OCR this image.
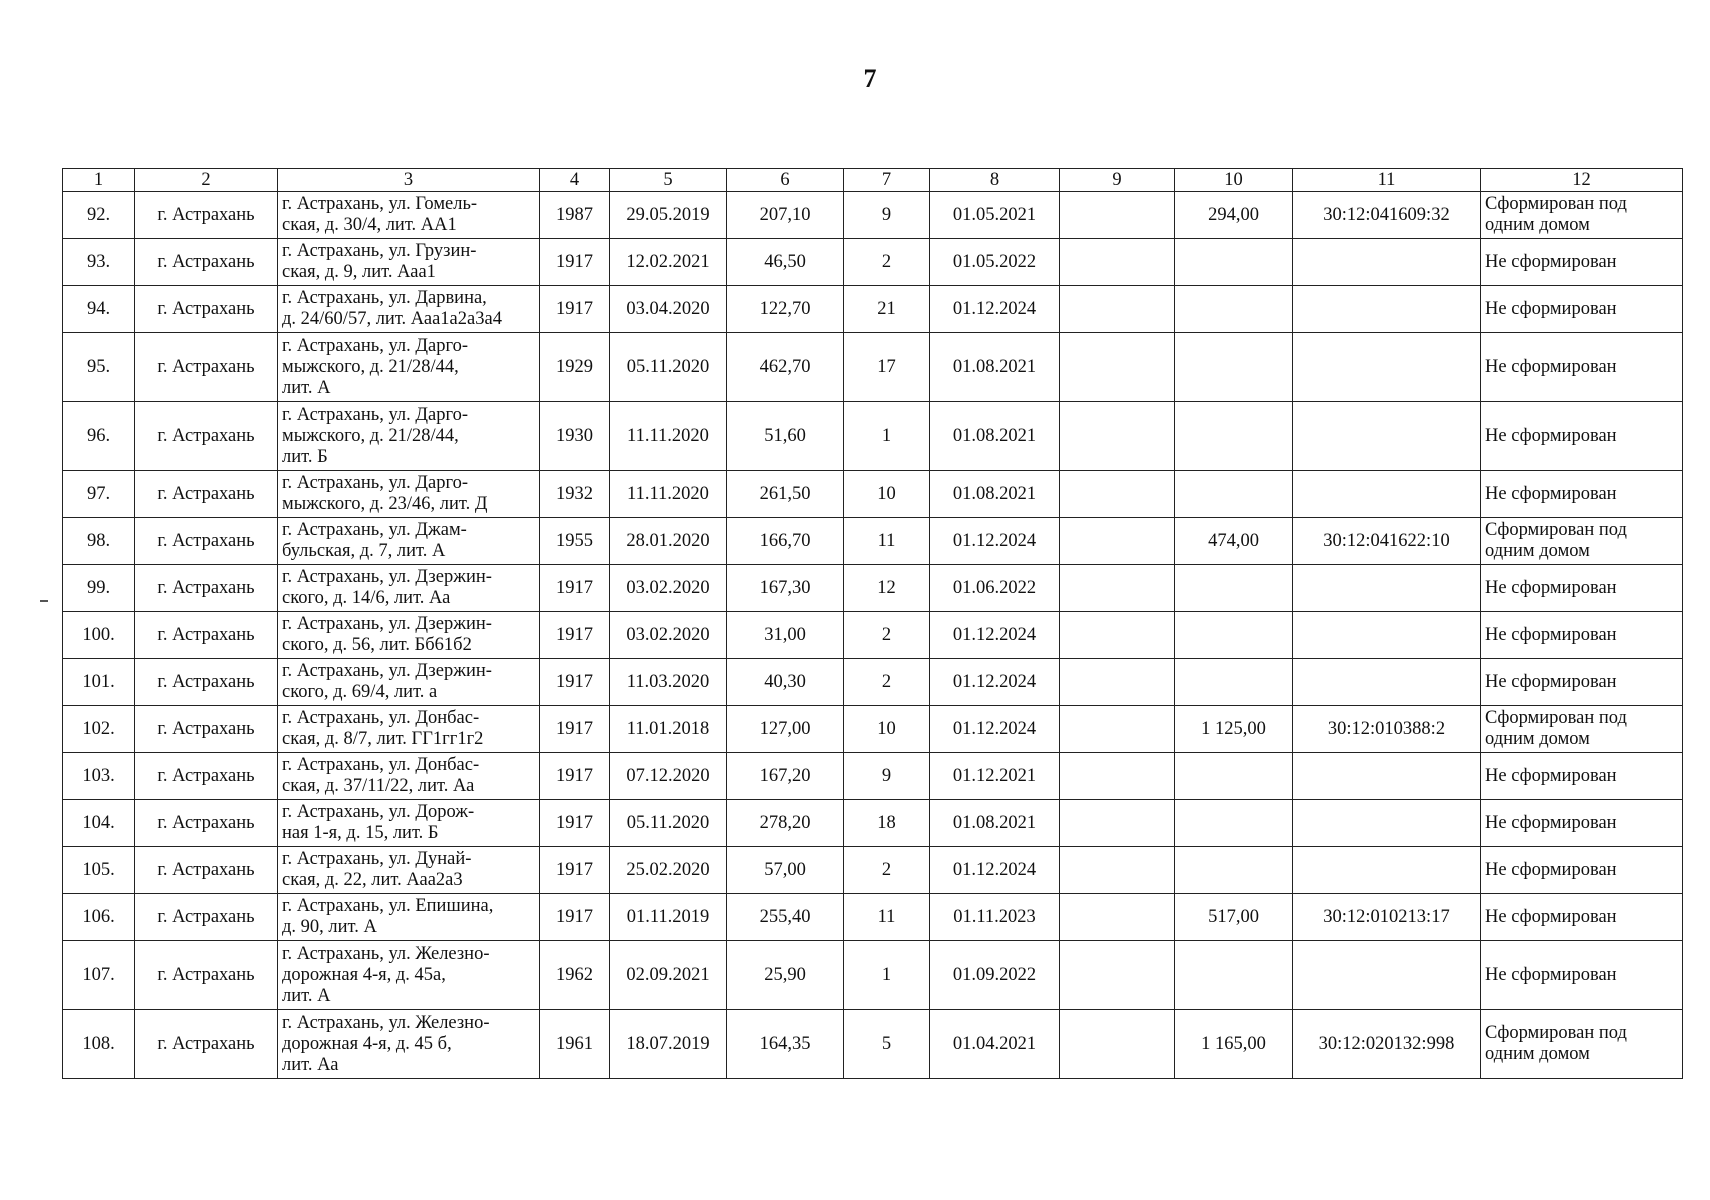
7
1	2	3	4	5	6	7	8	9	10	11	12
92.	г. Астрахань	г. Астрахань, ул. Гомель-
ская, д. 30/4, лит. АА1	1987	29.05.2019	207,10	9	01.05.2021		294,00	30:12:041609:32	Сформирован под одним домом
93.	г. Астрахань	г. Астрахань, ул. Грузин-
ская, д. 9, лит. Ааа1	1917	12.02.2021	46,50	2	01.05.2022				Не сформирован
94.	г. Астрахань	г. Астрахань, ул. Дарвина,
д. 24/60/57, лит. Ааа1а2а3а4	1917	03.04.2020	122,70	21	01.12.2024				Не сформирован
95.	г. Астрахань	г. Астрахань, ул. Дарго-
мыжского, д. 21/28/44,
лит. А	1929	05.11.2020	462,70	17	01.08.2021				Не сформирован
96.	г. Астрахань	г. Астрахань, ул. Дарго-
мыжского, д. 21/28/44,
лит. Б	1930	11.11.2020	51,60	1	01.08.2021				Не сформирован
97.	г. Астрахань	г. Астрахань, ул. Дарго-
мыжского, д. 23/46, лит. Д	1932	11.11.2020	261,50	10	01.08.2021				Не сформирован
98.	г. Астрахань	г. Астрахань, ул. Джам-
бульская, д. 7, лит. А	1955	28.01.2020	166,70	11	01.12.2024		474,00	30:12:041622:10	Сформирован под одним домом
99.	г. Астрахань	г. Астрахань, ул. Дзержин-
ского, д. 14/6, лит. Аа	1917	03.02.2020	167,30	12	01.06.2022				Не сформирован
100.	г. Астрахань	г. Астрахань, ул. Дзержин-
ского, д. 56, лит. Бб61б2	1917	03.02.2020	31,00	2	01.12.2024				Не сформирован
101.	г. Астрахань	г. Астрахань, ул. Дзержин-
ского, д. 69/4, лит. а	1917	11.03.2020	40,30	2	01.12.2024				Не сформирован
102.	г. Астрахань	г. Астрахань, ул. Донбас-
ская, д. 8/7, лит. ГГ1гг1г2	1917	11.01.2018	127,00	10	01.12.2024		1 125,00	30:12:010388:2	Сформирован под одним домом
103.	г. Астрахань	г. Астрахань, ул. Донбас-
ская, д. 37/11/22, лит. Аа	1917	07.12.2020	167,20	9	01.12.2021				Не сформирован
104.	г. Астрахань	г. Астрахань, ул. Дорож-
ная 1-я, д. 15, лит. Б	1917	05.11.2020	278,20	18	01.08.2021				Не сформирован
105.	г. Астрахань	г. Астрахань, ул. Дунай-
ская, д. 22, лит. Ааа2а3	1917	25.02.2020	57,00	2	01.12.2024				Не сформирован
106.	г. Астрахань	г. Астрахань, ул. Епишина,
д. 90, лит. А	1917	01.11.2019	255,40	11	01.11.2023		517,00	30:12:010213:17	Не сформирован
107.	г. Астрахань	г. Астрахань, ул. Железно-
дорожная 4-я, д. 45а,
лит. А	1962	02.09.2021	25,90	1	01.09.2022				Не сформирован
108.	г. Астрахань	г. Астрахань, ул. Железно-
дорожная 4-я, д. 45 б,
лит. Аа	1961	18.07.2019	164,35	5	01.04.2021		1 165,00	30:12:020132:998	Сформирован под одним домом
